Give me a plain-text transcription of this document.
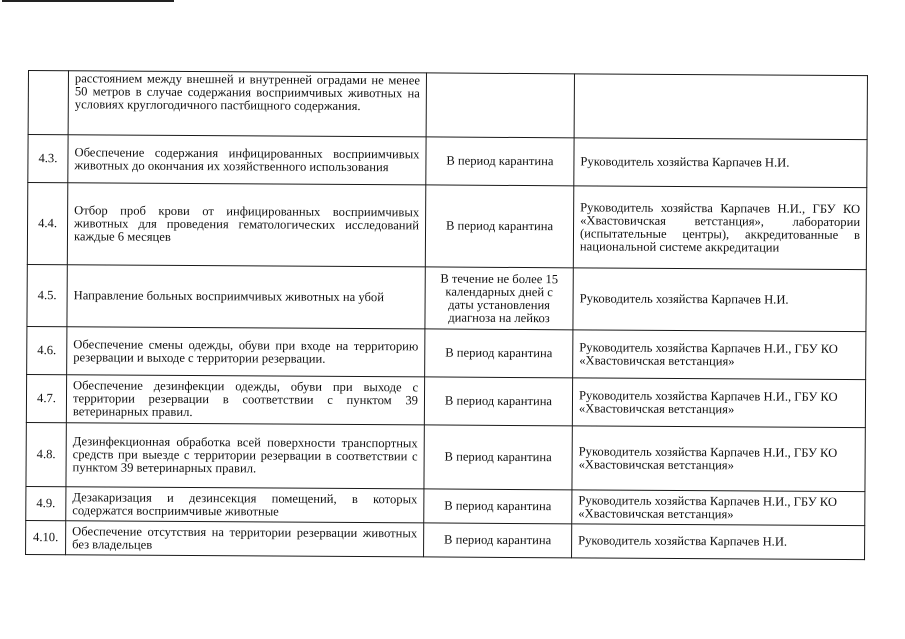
	расстоянием между внешней и внутренней оградами не менее 50 метров в случае содержания восприимчивых животных на условиях круглогодичного пастбищного содержания.		
4.3.	Обеспечение содержания инфицированных восприимчивых животных до окончания их хозяйственного использования	В период карантина	Руководитель хозяйства Карпачев Н.И.
4.4.	Отбор проб крови от инфицированных восприимчивых животных для проведения гематологических исследований каждые 6 месяцев	В период карантина	Руководитель хозяйства Карпачев Н.И., ГБУ КО «Хвастовичская ветстанция», лаборатории (испытательные центры), аккредитованные в национальной системе аккредитации
4.5.	Направление больных восприимчивых животных на убой	В течение не более 15 календарных дней с даты установления диагноза на лейкоз	Руководитель хозяйства Карпачев Н.И.
4.6.	Обеспечение смены одежды, обуви при входе на территорию резервации и выходе с территории резервации.	В период карантина	Руководитель хозяйства Карпачев Н.И., ГБУ КО «Хвастовичская ветстанция»
4.7.	Обеспечение дезинфекции одежды, обуви при выходе с территории резервации в соответствии с пунктом 39 ветеринарных правил.	В период карантина	Руководитель хозяйства Карпачев Н.И., ГБУ КО «Хвастовичская ветстанция»
4.8.	Дезинфекционная обработка всей поверхности транспортных средств при выезде с территории резервации в соответствии с пунктом 39 ветеринарных правил.	В период карантина	Руководитель хозяйства Карпачев Н.И., ГБУ КО «Хвастовичская ветстанция»
4.9.	Дезакаризация и дезинсекция помещений, в которых содержатся восприимчивые животные	В период карантина	Руководитель хозяйства Карпачев Н.И., ГБУ КО «Хвастовичская ветстанция»
4.10.	Обеспечение отсутствия на территории резервации животных без владельцев	В период карантина	Руководитель хозяйства Карпачев Н.И.
